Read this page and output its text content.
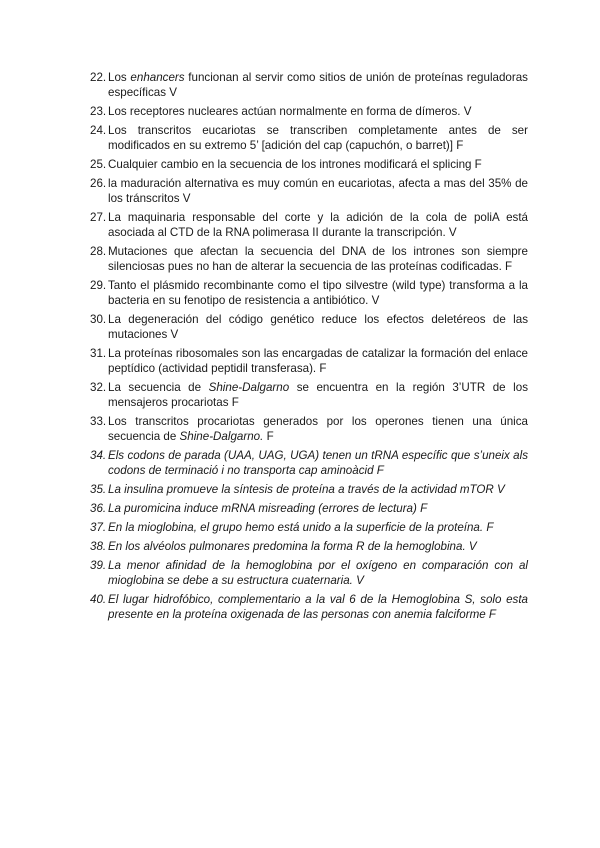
22. Los enhancers funcionan al servir como sitios de unión de proteínas reguladoras específicas V
23. Los receptores nucleares actúan normalmente en forma de dímeros. V
24. Los transcritos eucariotas se transcriben completamente antes de ser modificados en su extremo 5’ [adición del cap (capuchón, o barret)] F
25. Cualquier cambio en la secuencia de los intrones modificará el splicing F
26. la maduración alternativa es muy común en eucariotas, afecta a mas del 35% de los tránscritos V
27. La maquinaria responsable del corte y la adición de la cola de poliA está asociada al CTD de la RNA polimerasa II durante la transcripción. V
28. Mutaciones que afectan la secuencia del DNA de los intrones son siempre silenciosas pues no han de alterar la secuencia de las proteínas codificadas. F
29. Tanto el plásmido recombinante como el tipo silvestre (wild type) transforma a la bacteria en su fenotipo de resistencia a antibiótico. V
30. La degeneración del código genético reduce los efectos deletéreos de las mutaciones V
31. La proteínas ribosomales son las encargadas de catalizar la formación del enlace peptídico (actividad peptidil transferasa). F
32. La secuencia de Shine-Dalgarno se encuentra en la región 3’UTR de los mensajeros procariotas F
33. Los transcritos procariotas generados por los operones tienen una única secuencia de Shine-Dalgarno. F
34. Els codons de parada (UAA, UAG, UGA) tenen un tRNA específic que s’uneix als codons de terminació i no transporta cap aminoàcid F
35. La insulina promueve la síntesis de proteína a través de la actividad mTOR V
36. La puromicina induce mRNA misreading (errores de lectura) F
37. En la mioglobina, el grupo hemo está unido a la superficie de la proteína. F
38. En los alvéolos pulmonares predomina la forma R de la hemoglobina. V
39. La menor afinidad de la hemoglobina por el oxígeno en comparación con al mioglobina se debe a su estructura cuaternaria. V
40. El lugar hidrofóbico, complementario a la val 6 de la Hemoglobina S, solo esta presente en la proteína oxigenada de las personas con anemia falciforme F
